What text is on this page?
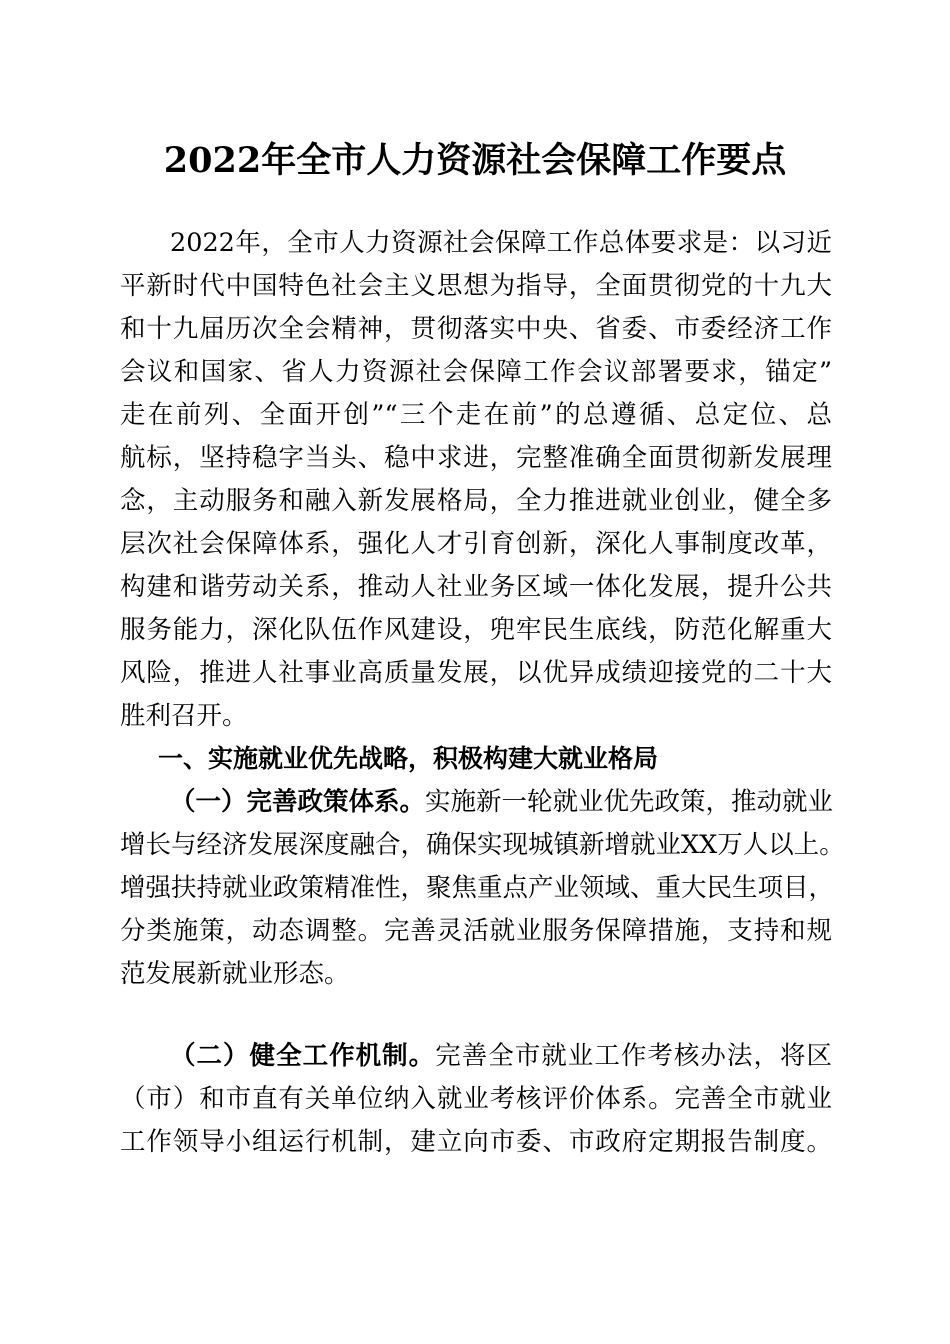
2022年全市人力资源社会保障工作要点
2022年，全市人力资源社会保障工作总体要求是：以习近
平新时代中国特色社会主义思想为指导，全面贯彻党的十九大
和十九届历次全会精神，贯彻落实中央、省委、市委经济工作
会议和国家、省人力资源社会保障工作会议部署要求，锚定”
走在前列、全面开创”“三个走在前”的总遵循、总定位、总
航标，坚持稳字当头、稳中求进，完整准确全面贯彻新发展理
念，主动服务和融入新发展格局，全力推进就业创业，健全多
层次社会保障体系，强化人才引育创新，深化人事制度改革，
构建和谐劳动关系，推动人社业务区域一体化发展，提升公共
服务能力，深化队伍作风建设，兜牢民生底线，防范化解重大
风险，推进人社事业高质量发展，以优异成绩迎接党的二十大
胜利召开。
一、实施就业优先战略，积极构建大就业格局
（一）完善政策体系。实施新一轮就业优先政策，推动就业
增长与经济发展深度融合，确保实现城镇新增就业XX万人以上。
增强扶持就业政策精准性，聚焦重点产业领域、重大民生项目，
分类施策，动态调整。完善灵活就业服务保障措施，支持和规
范发展新就业形态。
（二）健全工作机制。完善全市就业工作考核办法，将区
（市）和市直有关单位纳入就业考核评价体系。完善全市就业
工作领导小组运行机制，建立向市委、市政府定期报告制度。
